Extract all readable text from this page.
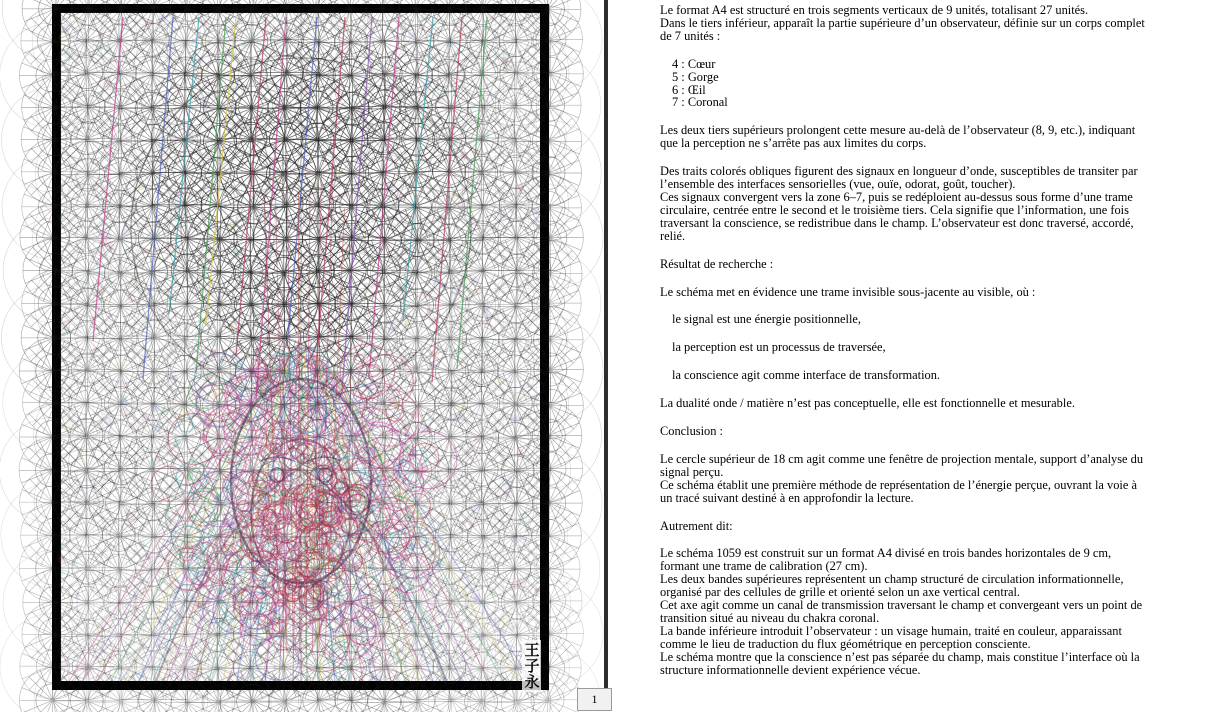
王
子
永
1
Le format A4 est structuré en trois segments verticaux de 9 unités, totalisant 27 unités.
Dans le tiers inférieur, apparaît la partie supérieure d’un observateur, définie sur un corps complet de 7 unités :
4 : Cœur
5 : Gorge
6 : Œil
7 : Coronal
Les deux tiers supérieurs prolongent cette mesure au-delà de l’observateur (8, 9, etc.), indiquant que la perception ne s’arrête pas aux limites du corps.
Des traits colorés obliques figurent des signaux en longueur d’onde, susceptibles de transiter par l’ensemble des interfaces sensorielles (vue, ouïe, odorat, goût, toucher).
Ces signaux convergent vers la zone 6–7, puis se redéploient au-dessus sous forme d’une trame circulaire, centrée entre le second et le troisième tiers. Cela signifie que l’information, une fois traversant la conscience, se redistribue dans le champ. L’observateur est donc traversé, accordé, relié.
Résultat de recherche :
Le schéma met en évidence une trame invisible sous-jacente au visible, où :
le signal est une énergie positionnelle,
la perception est un processus de traversée,
la conscience agit comme interface de transformation.
La dualité onde / matière n’est pas conceptuelle, elle est fonctionnelle et mesurable.
Conclusion :
Le cercle supérieur de 18 cm agit comme une fenêtre de projection mentale, support d’analyse du signal perçu.
Ce schéma établit une première méthode de représentation de l’énergie perçue, ouvrant la voie à un tracé suivant destiné à en approfondir la lecture.
Autrement dit:
Le schéma 1059 est construit sur un format A4 divisé en trois bandes horizontales de 9 cm, formant une trame de calibration (27 cm).
Les deux bandes supérieures représentent un champ structuré de circulation informationnelle, organisé par des cellules de grille et orienté selon un axe vertical central.
Cet axe agit comme un canal de transmission traversant le champ et convergeant vers un point de transition situé au niveau du chakra coronal.
La bande inférieure introduit l’observateur : un visage humain, traité en couleur, apparaissant comme le lieu de traduction du flux géométrique en perception consciente.
Le schéma montre que la conscience n’est pas séparée du champ, mais constitue l’interface où la structure informationnelle devient expérience vécue.
